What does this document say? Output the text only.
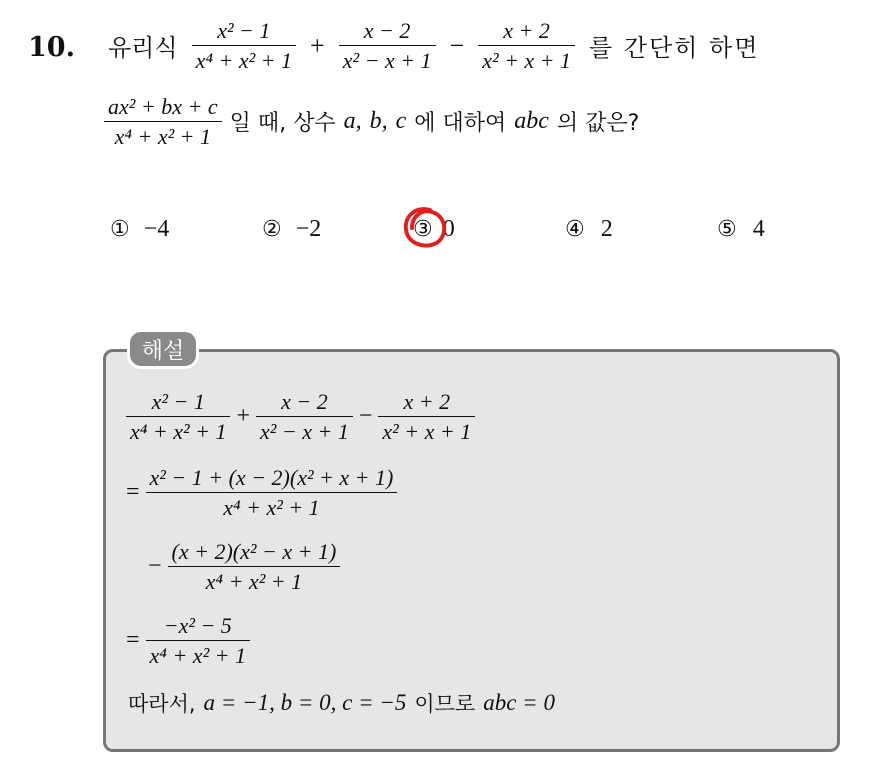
10. 유리식 $\frac{\text{x² − 1}}{\text{x⁴ + x² + 1}} + \frac{x - 2}{\text{x² − x + 1}} - \frac{x + 2}{\text{x² + x + 1}}$ 를 간단히 하면
$\frac{\text{ax² + bx + c}}{\text{x⁴ + x² + 1}}$ 일 때, 상수 a, b, c 에 대하여 abc 의 값은?
① −4	② −2	③ 0	④ 2	⑤ 4
해설
$\frac{\text{x² − 1}}{\text{x⁴ + x² + 1}} + \frac{x - 2}{\text{x² − x + 1}} - \frac{x + 2}{\text{x² + x + 1}}$
= $\frac{\text{x² − 1 + (x − 2)(x² + x + 1)}}{\text{x⁴ + x² + 1}}$
− $\frac{\text{(x + 2)(x² − x + 1)}}{\text{x⁴ + x² + 1}}$
= $\frac{\text{−x² − 5}}{\text{x⁴ + x² + 1}}$
따라서, a = −1, b = 0, c = −5 이므로 abc = 0
